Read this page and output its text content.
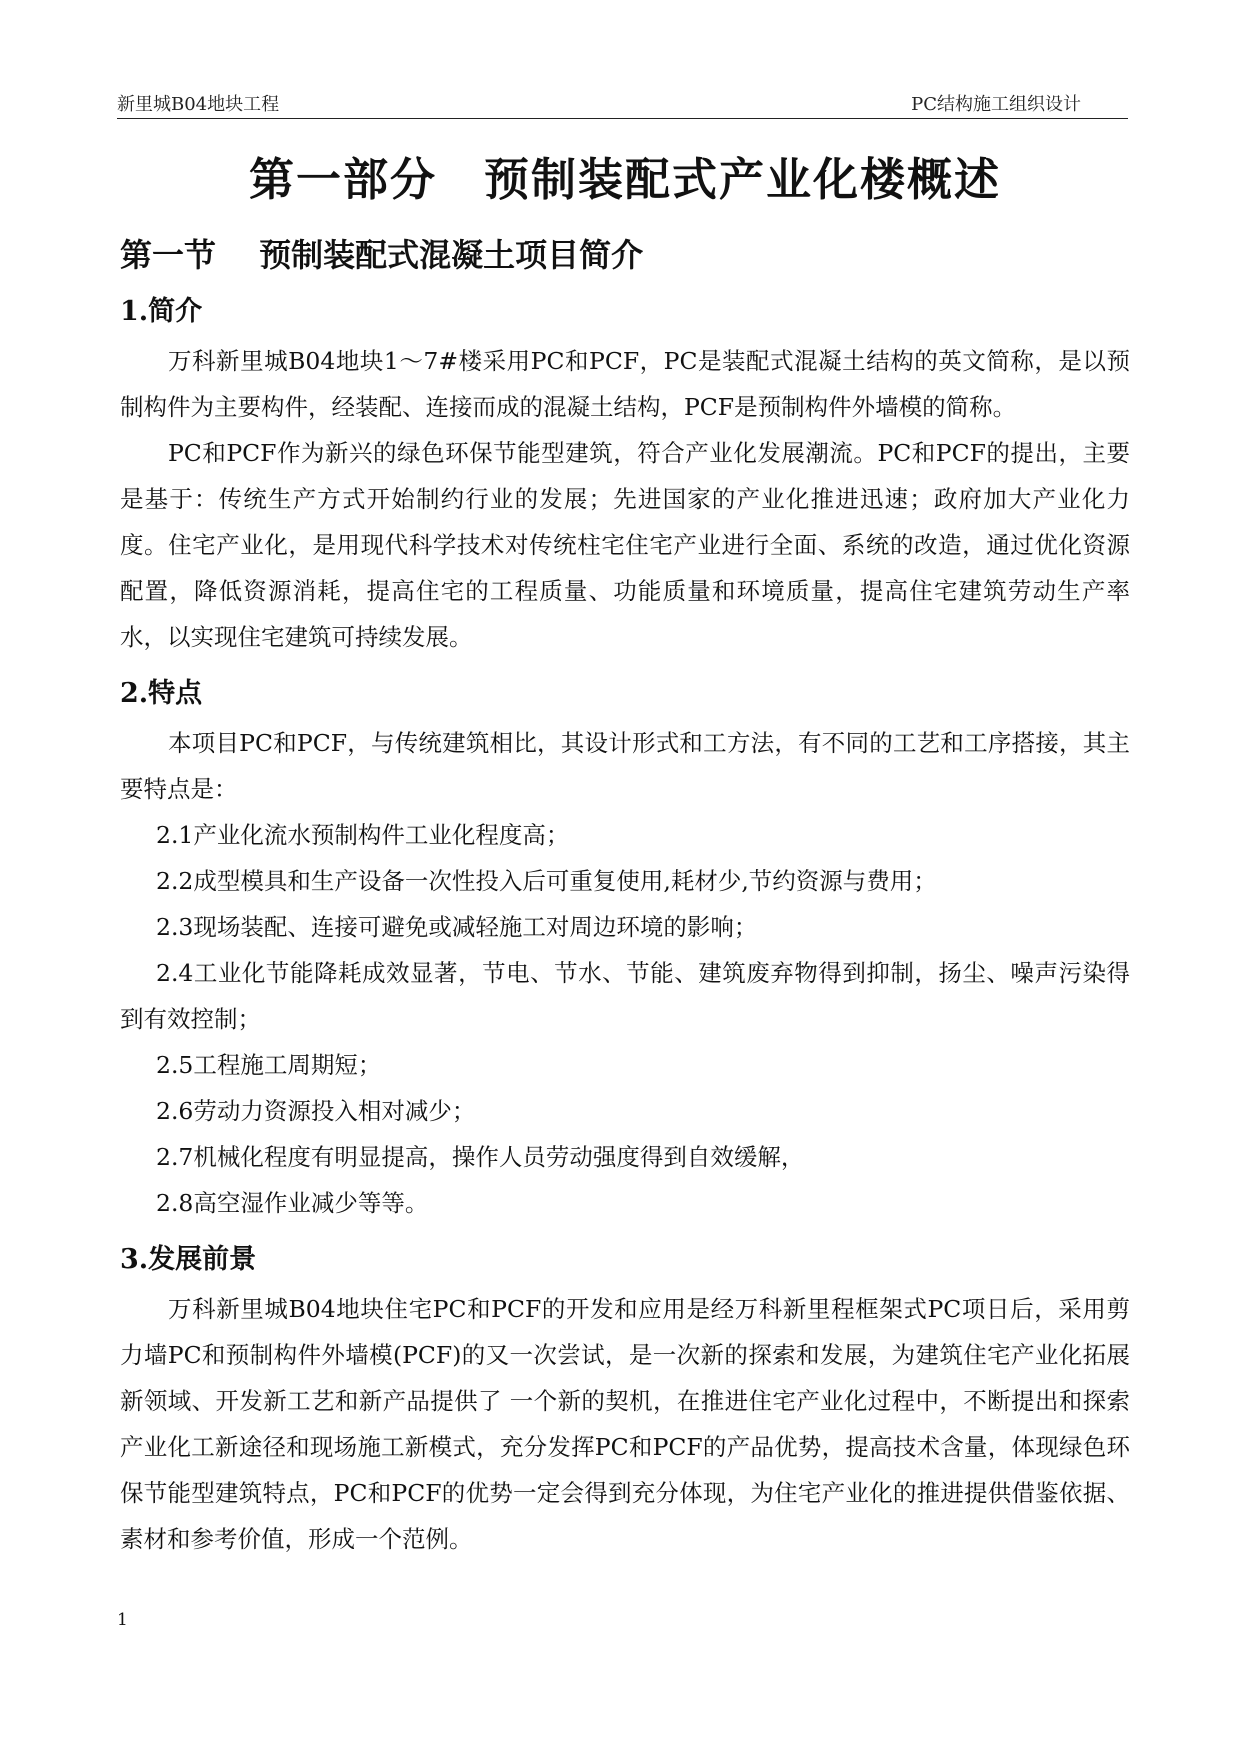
新里城B04地块工程	PC结构施工组织设计
第一部分　预制装配式产业化楼概述
第一节　 预制装配式混凝土项目简介
1.简介

万科新里城B04地块1～7#楼采用PC和PCF，PC是装配式混凝土结构的英文简称，是以预制构件为主要构件，经装配、连接而成的混凝土结构，PCF是预制构件外墙模的简称。

PC和PCF作为新兴的绿色环保节能型建筑，符合产业化发展潮流。PC和PCF的提出，主要是基于：传统生产方式开始制约行业的发展；先进国家的产业化推进迅速；政府加大产业化力度。住宅产业化，是用现代科学技术对传统柱宅住宅产业进行全面、系统的改造，通过优化资源配置，降低资源消耗，提高住宅的工程质量、功能质量和环境质量，提高住宅建筑劳动生产率水，以实现住宅建筑可持续发展。

2.特点

本项目PC和PCF，与传统建筑相比，其设计形式和工方法，有不同的工艺和工序搭接，其主要特点是：

2.1产业化流水预制构件工业化程度高；
2.2成型模具和生产设备一次性投入后可重复使用,耗材少,节约资源与费用；
2.3现场装配、连接可避免或减轻施工对周边环境的影响；
2.4工业化节能降耗成效显著，节电、节水、节能、建筑废弃物得到抑制，扬尘、噪声污染得到有效控制；
2.5工程施工周期短；
2.6劳动力资源投入相对减少；
2.7机械化程度有明显提高，操作人员劳动强度得到自效缓解，
2.8高空湿作业减少等等。
3.发展前景

万科新里城B04地块住宅PC和PCF的开发和应用是经万科新里程框架式PC项日后，采用剪力墙PC和预制构件外墙模(PCF)的又一次尝试，是一次新的探索和发展，为建筑住宅产业化拓展新领域、开发新工艺和新产品提供了 一个新的契机，在推进住宅产业化过程中，不断提出和探索产业化工新途径和现场施工新模式，充分发挥PC和PCF的产品优势，提高技术含量，体现绿色环保节能型建筑特点，PC和PCF的优势一定会得到充分体现，为住宅产业化的推进提供借鉴依据、素材和参考价值，形成一个范例。

1
